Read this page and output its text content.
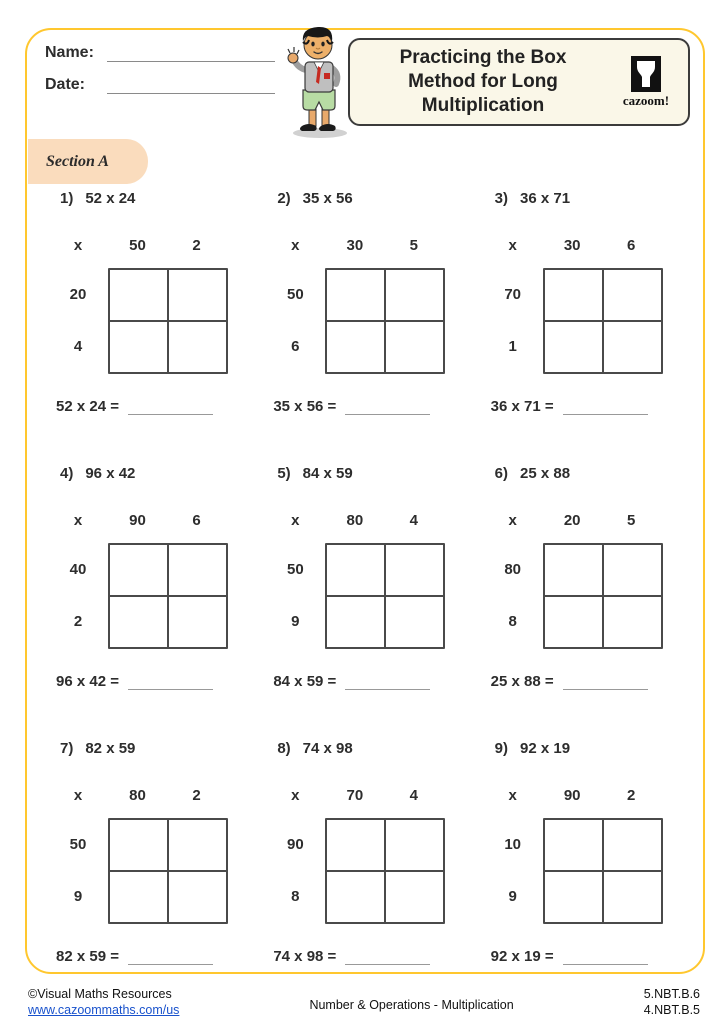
Name:
Date:
Practicing the Box
Method for Long
Multiplication	cazoom!
Section A
1) 52 x 24
x	50	2
20
4
52 x 24 =
2) 35 x 56
x	30	5
50
6
35 x 56 =
3) 36 x 71
x	30	6
70
1
36 x 71 =
4) 96 x 42
x	90	6
40
2
96 x 42 =
5) 84 x 59
x	80	4
50
9
84 x 59 =
6) 25 x 88
x	20	5
80
8
25 x 88 =
7) 82 x 59
x	80	2
50
9
82 x 59 =
8) 74 x 98
x	70	4
90
8
74 x 98 =
9) 92 x 19
x	90	2
10
9
92 x 19 =
©Visual Maths Resources
www.cazoommaths.com/us	Number & Operations - Multiplication
5.NBT.B.6
4.NBT.B.5
